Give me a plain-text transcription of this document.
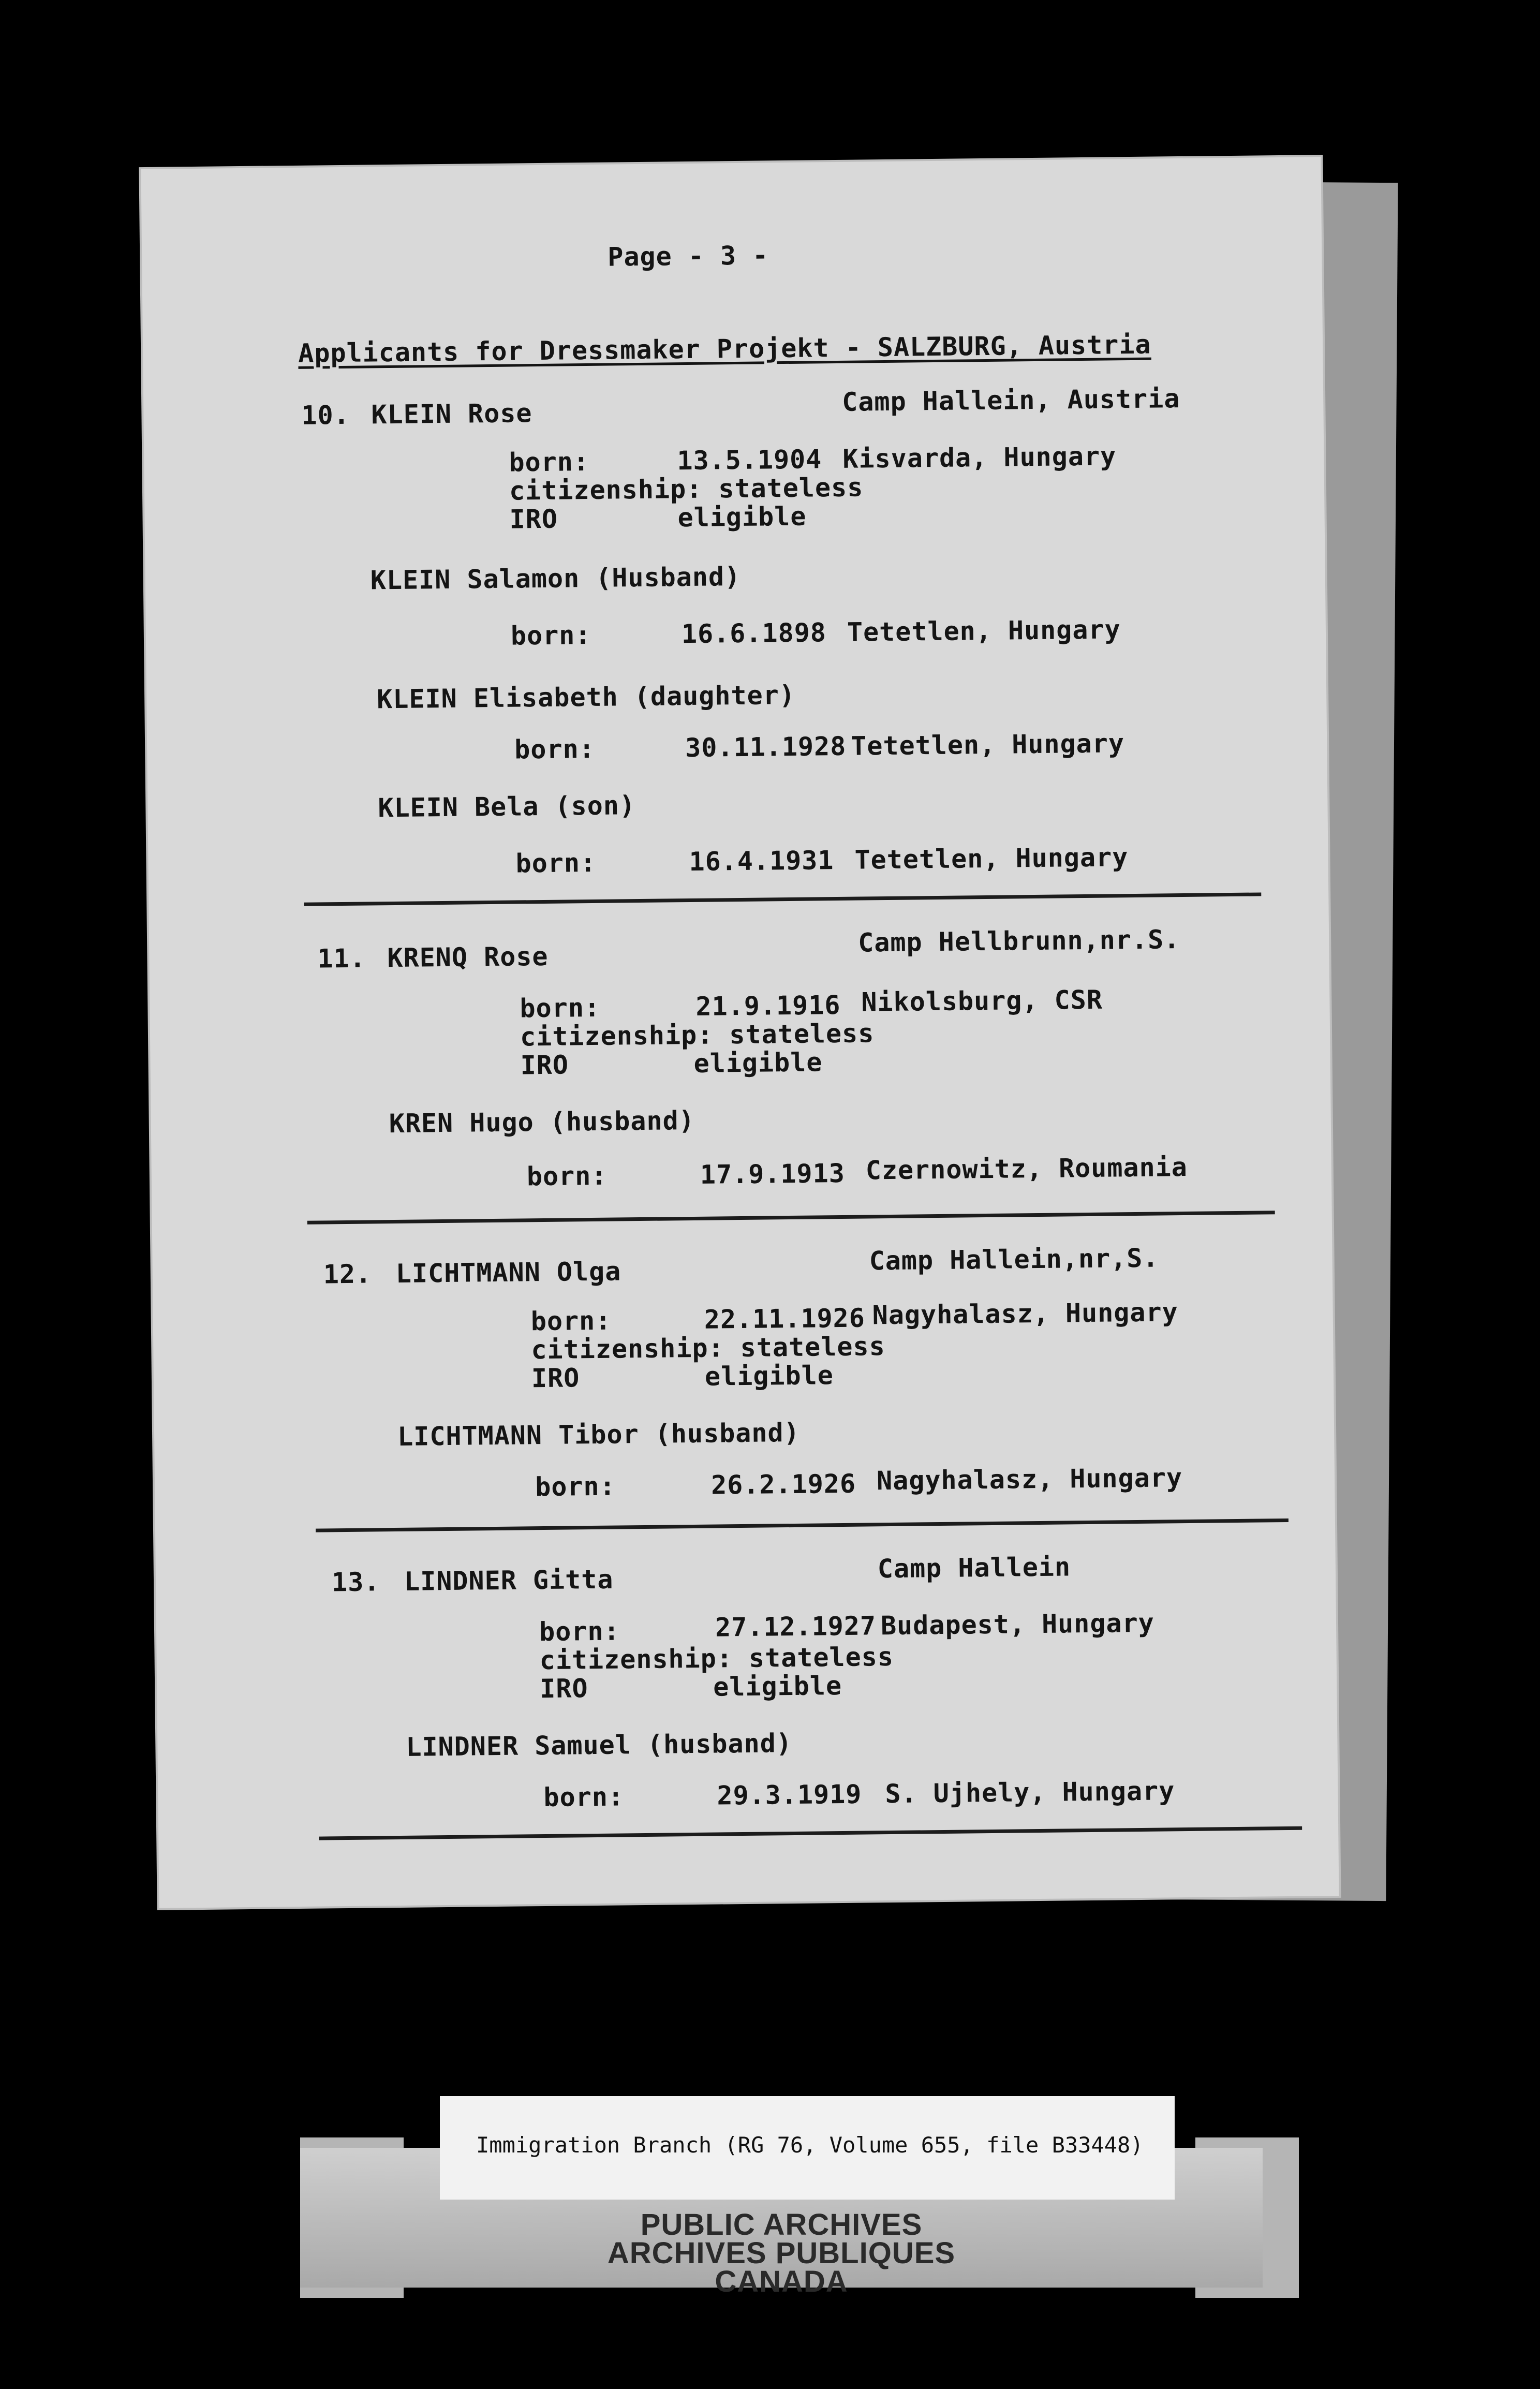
Page - 3 -
Applicants for Dressmaker Projekt - SALZBURG, Austria
10. KLEIN Rose	Camp Hallein, Austria
born:	13.5.1904 Kisvarda, Hungary
citizenship: stateless
IRO	eligible
KLEIN Salamon (Husband)
born:	16.6.1898 Tetetlen, Hungary
KLEIN Elisabeth (daughter)
born:	30.11.1928 Tetetlen, Hungary
KLEIN Bela (son)
born:	16.4.1931 Tetetlen, Hungary
11. KRENQ Rose	Camp Hellbrunn,nr.S.
born:	21.9.1916 Nikolsburg, CSR
citizenship: stateless
IRO	eligible
KREN Hugo (husband)
born:	17.9.1913 Czernowitz, Roumania
12. LICHTMANN Olga	Camp Hallein,nr,S.
born:	22.11.1926 Nagyhalasz, Hungary
citizenship: stateless
IRO	eligible
LICHTMANN Tibor (husband)
born:	26.2.1926 Nagyhalasz, Hungary
13. LINDNER Gitta	Camp Hallein
born:	27.12.1927 Budapest, Hungary
citizenship: stateless
IRO	eligible
LINDNER Samuel (husband)
born:	29.3.1919 S. Ujhely, Hungary
PUBLIC ARCHIVES
ARCHIVES PUBLIQUES
CANADA
Immigration Branch (RG 76, Volume 655, file B33448)
